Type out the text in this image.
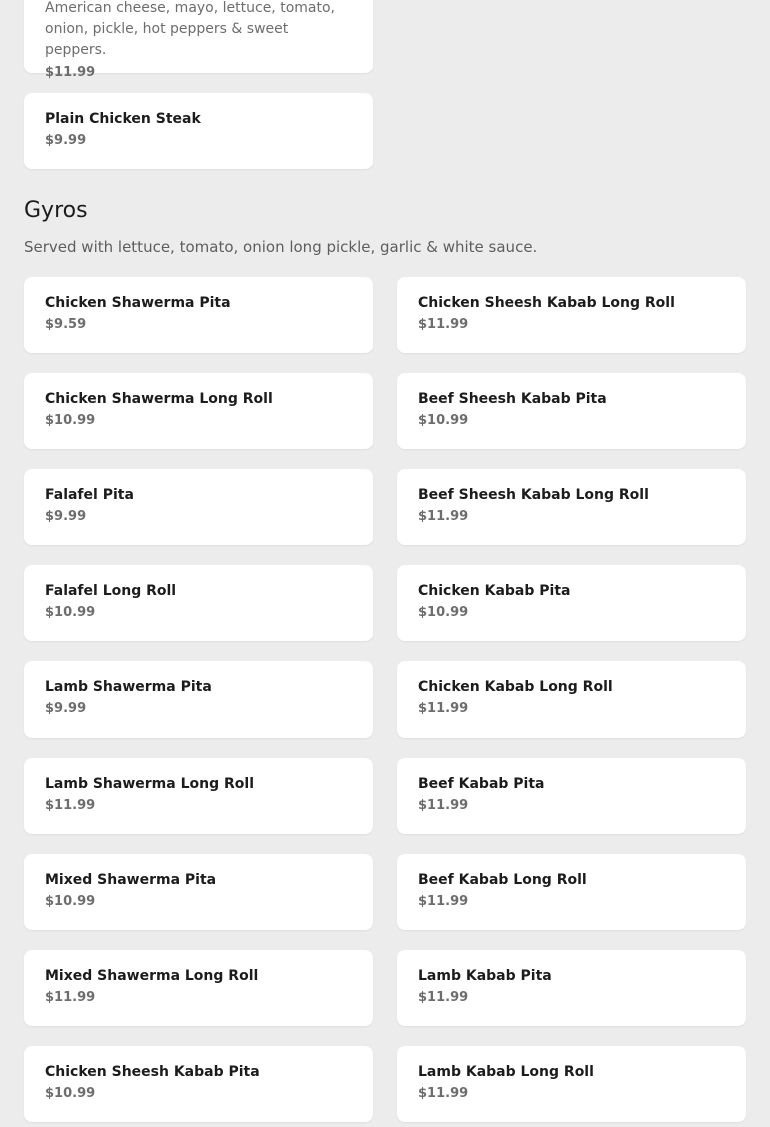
American cheese, mayo, lettuce, tomato,
onion, pickle, hot peppers & sweet peppers.
$11.99
Plain Chicken Steak
$9.99
Gyros
Served with lettuce, tomato, onion long pickle, garlic & white sauce.
Chicken Shawerma Pita
$9.59
Chicken Shawerma Long Roll
$10.99
Falafel Pita
$9.99
Falafel Long Roll
$10.99
Lamb Shawerma Pita
$9.99
Lamb Shawerma Long Roll
$11.99
Mixed Shawerma Pita
$10.99
Mixed Shawerma Long Roll
$11.99
Chicken Sheesh Kabab Pita
$10.99
Chicken Sheesh Kabab Long Roll
$11.99
Beef Sheesh Kabab Pita
$10.99
Beef Sheesh Kabab Long Roll
$11.99
Chicken Kabab Pita
$10.99
Chicken Kabab Long Roll
$11.99
Beef Kabab Pita
$11.99
Beef Kabab Long Roll
$11.99
Lamb Kabab Pita
$11.99
Lamb Kabab Long Roll
$11.99
